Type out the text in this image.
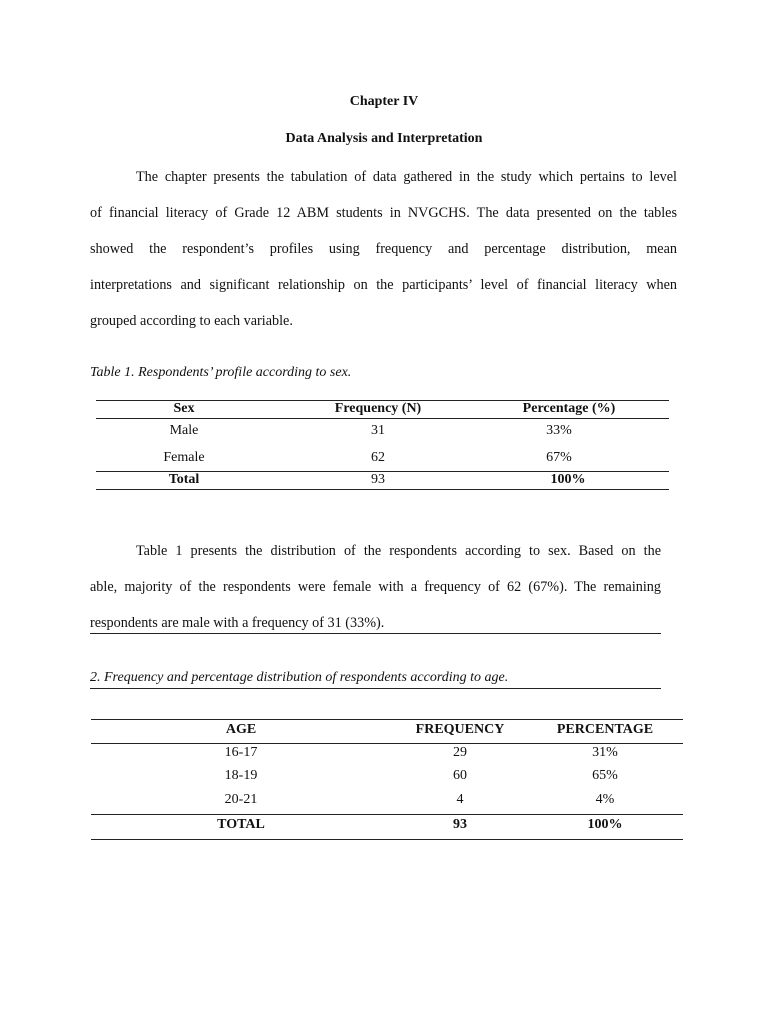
Chapter IV
Data Analysis and Interpretation
The chapter presents the tabulation of data gathered in the study which pertains to level
of financial literacy of Grade 12 ABM students in NVGCHS. The data presented on the tables
showed the respondent’s profiles using frequency and percentage distribution, mean
interpretations and significant relationship on the participants’ level of financial literacy when
grouped according to each variable.
Table 1. Respondents’ profile according to sex.
Sex	Frequency (N)	Percentage (%)
Male	31	33%
Female	62	67%
Total	93	100%
Table 1 presents the distribution of the respondents according to sex. Based on the
able, majority of the respondents were female with a frequency of 62 (67%). The remaining
respondents are male with a frequency of 31 (33%).
2. Frequency and percentage distribution of respondents according to age.
AGE	FREQUENCY	PERCENTAGE
16-17	29	31%
18-19	60	65%
20-21	4	4%
TOTAL	93	100%
